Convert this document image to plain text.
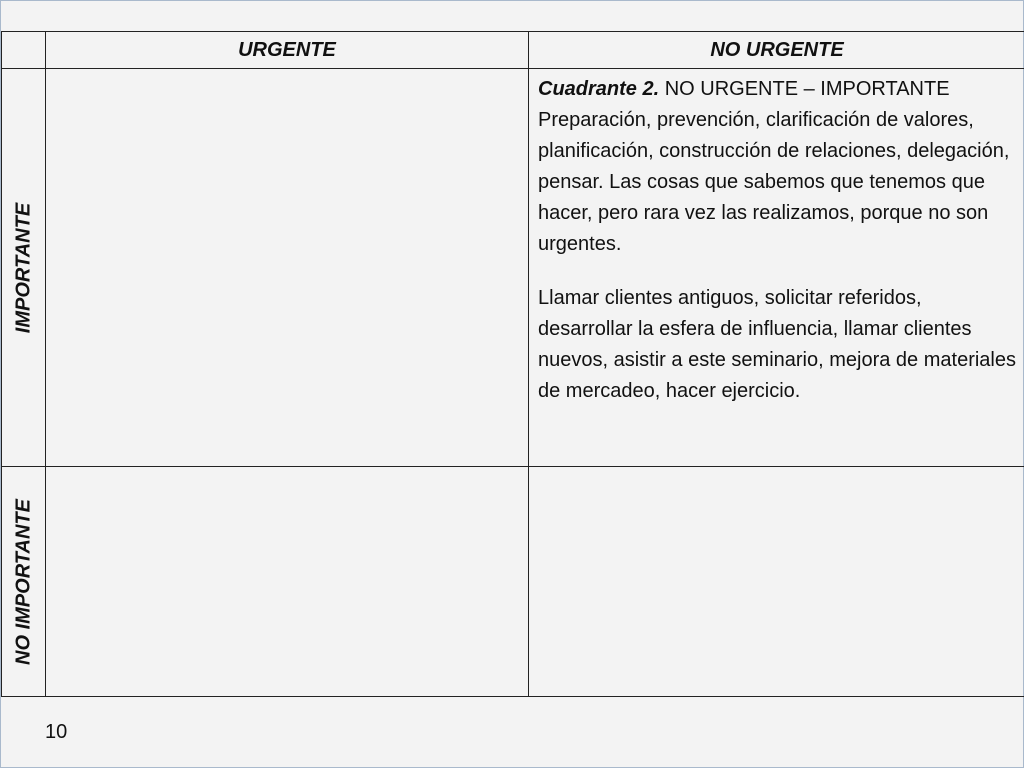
	URGENTE	NO URGENTE

IMPORTANTE		Cuadrante 2. NO URGENTE – IMPORTANTE

Preparación, prevención, clarificación de valores, planificación, construcción de relaciones, delegación, pensar. Las cosas que sabemos que tenemos que hacer, pero rara vez las realizamos, porque no son urgentes.

Llamar clientes antiguos, solicitar referidos, desarrollar la esfera de influencia, llamar clientes nuevos, asistir a este seminario, mejora de materiales de mercadeo, hacer ejercicio.

NO IMPORTANTE		

10
